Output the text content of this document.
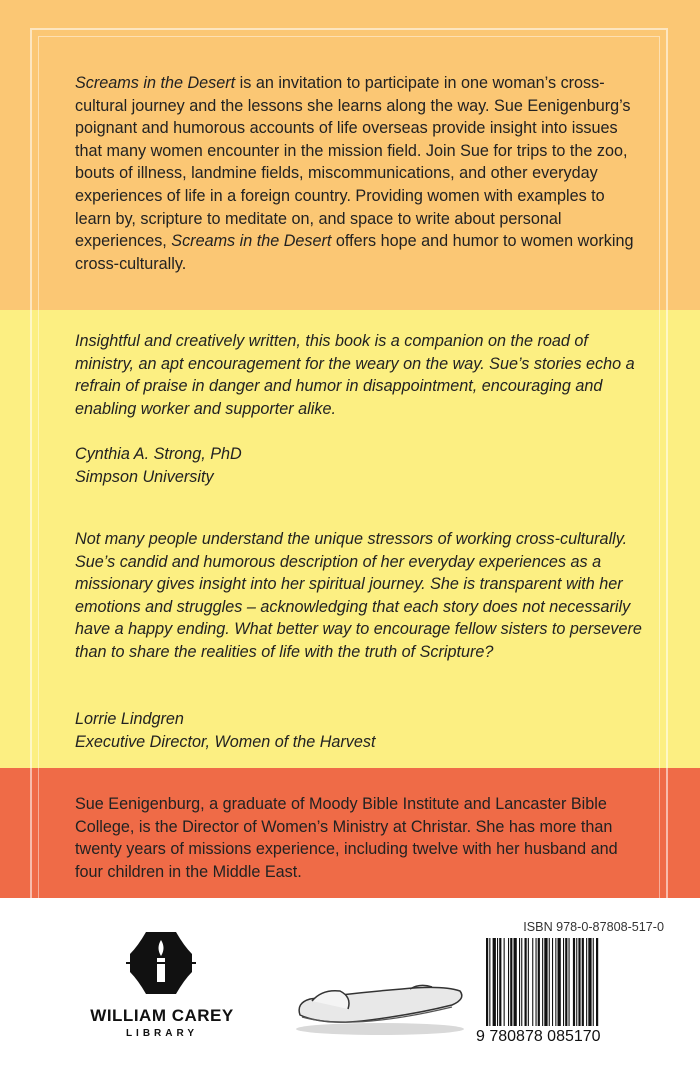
Screams in the Desert is an invitation to participate in one woman’s cross-cultural journey and the lessons she learns along the way. Sue Eenigenburg’s poignant and humorous accounts of life overseas provide insight into issues that many women encounter in the mission field. Join Sue for trips to the zoo, bouts of illness, landmine fields, miscommunications, and other everyday experiences of life in a foreign country. Providing women with examples to learn by, scripture to meditate on, and space to write about personal experiences, Screams in the Desert offers hope and humor to women working cross-culturally.

Insightful and creatively written, this book is a companion on the road of ministry, an apt encouragement for the weary on the way. Sue’s stories echo a refrain of praise in danger and humor in disappointment, encouraging and enabling worker and supporter alike.

Cynthia A. Strong, PhD
Simpson University

Not many people understand the unique stressors of working cross-culturally. Sue’s candid and humorous description of her everyday experiences as a missionary gives insight into her spiritual journey. She is transparent with her emotions and struggles – acknowledging that each story does not necessarily have a happy ending. What better way to encourage fellow sisters to persevere than to share the realities of life with the truth of Scripture?

Lorrie Lindgren
Executive Director, Women of the Harvest

Sue Eenigenburg, a graduate of Moody Bible Institute and Lancaster Bible College, is the Director of Women’s Ministry at Christar. She has more than twenty years of missions experience, including twelve with her husband and four children in the Middle East.

WILLIAM CAREY
LIBRARY
ISBN 978-0-87808-517-0
9 780878 085170
